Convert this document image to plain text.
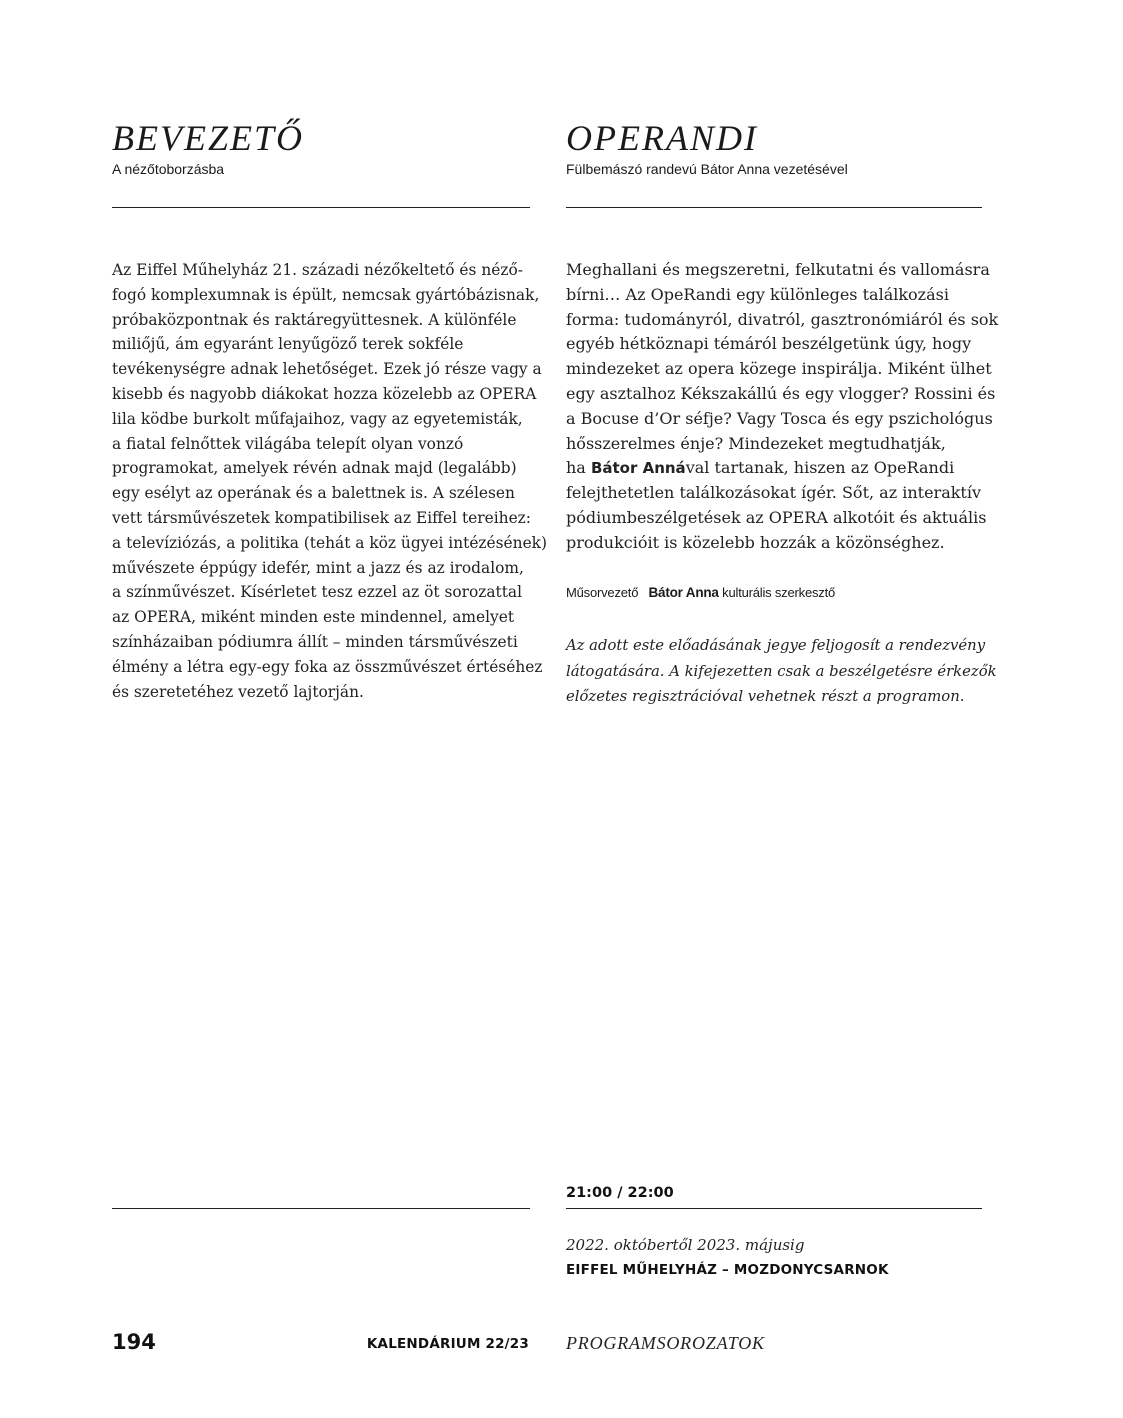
BEVEZETŐ

A nézőtoborzásba

Az Eiffel Műhelyház 21. századi nézőkeltető és néző-
fogó komplexumnak is épült, nemcsak gyártóbázisnak,
próbaközpontnak és raktáregyüttesnek. A különféle
miliőjű, ám egyaránt lenyűgöző terek sokféle
tevékenységre adnak lehetőséget. Ezek jó része vagy a
kisebb és nagyobb diákokat hozza közelebb az OPERA
lila ködbe burkolt műfajaihoz, vagy az egyetemisták,
a fiatal felnőttek világába telepít olyan vonzó
programokat, amelyek révén adnak majd (legalább)
egy esélyt az operának és a balettnek is. A szélesen
vett társművészetek kompatibilisek az Eiffel tereihez:
a televíziózás, a politika (tehát a köz ügyei intézésének)
művészete éppúgy idefér, mint a jazz és az irodalom,
a színművészet. Kísérletet tesz ezzel az öt sorozattal
az OPERA, miként minden este mindennel, amelyet
színházaiban pódiumra állít – minden társművészeti
élmény a létra egy-egy foka az összművészet értéséhez
és szeretetéhez vezető lajtorján.

OPERANDI

Fülbemászó randevú Bátor Anna vezetésével

Meghallani és megszeretni, felkutatni és vallomásra
bírni… Az OpeRandi egy különleges találkozási
forma: tudományról, divatról, gasztronómiáról és sok
egyéb hétköznapi témáról beszélgetünk úgy, hogy
mindezeket az opera közege inspirálja. Miként ülhet
egy asztalhoz Kékszakállú és egy vlogger? Rossini és
a Bocuse d’Or séfje? Vagy Tosca és egy pszichológus
hősszerelmes énje? Mindezeket megtudhatják,
ha Bátor Annával tartanak, hiszen az OpeRandi
felejthetetlen találkozásokat ígér. Sőt, az interaktív
pódiumbeszélgetések az OPERA alkotóit és aktuális
produkcióit is közelebb hozzák a közönséghez.

Műsorvezető Bátor Anna kulturális szerkesztő

Az adott este előadásának jegye feljogosít a rendezvény
látogatására. A kifejezetten csak a beszélgetésre érkezők
előzetes regisztrációval vehetnek részt a programon.

21:00 / 22:00
2022. októbertől 2023. májusig
EIFFEL MŰHELYHÁZ – MOZDONYCSARNOK
194	KALENDÁRIUM 22/23 PROGRAMSOROZATOK
